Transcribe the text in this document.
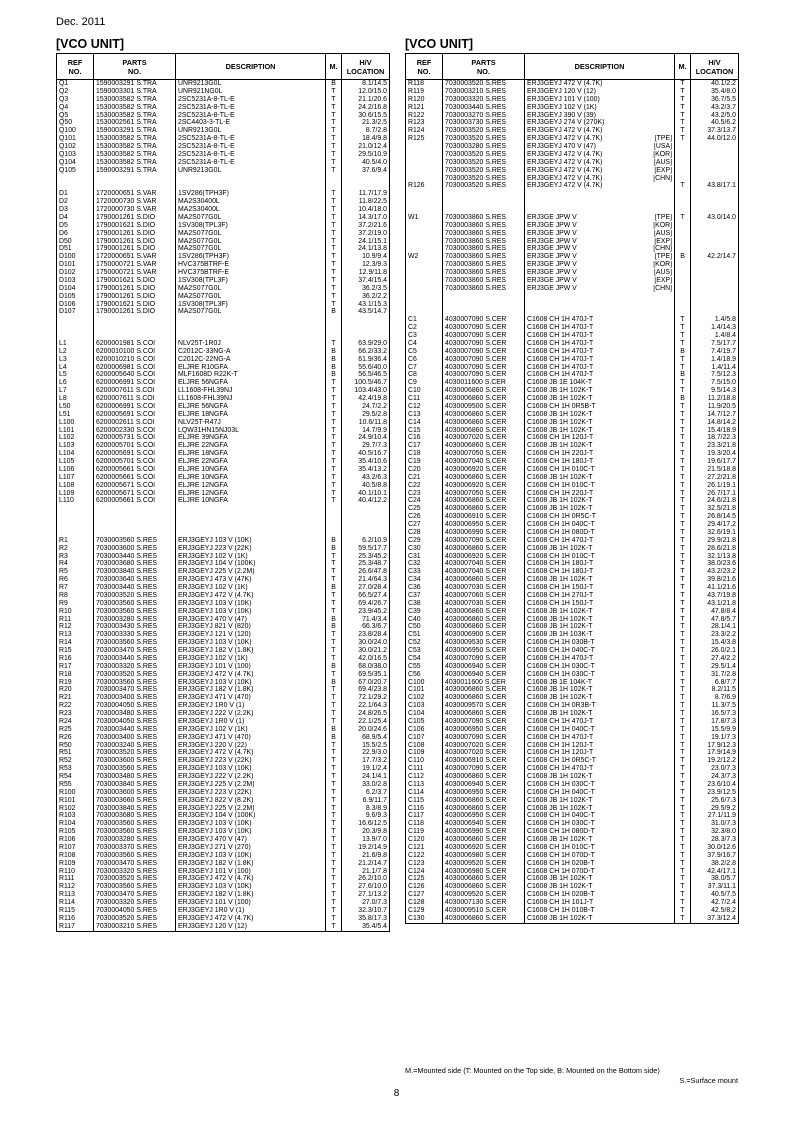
Dec. 2011
[VCO UNIT]	[VCO UNIT]
REF
NO.	PARTS
NO.	DESCRIPTION	M.	H/V
LOCATION
Q1	1590003291 S.TRA	UNR9213G0L	B	8.1/14.5
Q2	1590003301 S.TRA	UNR921NG0L	T	12.0/15.0
Q3	1530003582 S.TRA	2SC5231A-8-TL-E	T	21.1/20.6
Q4	1530003582 S.TRA	2SC5231A-8-TL-E	T	24.2/16.8
Q5	1530003582 S.TRA	2SC5231A-8-TL-E	T	30.6/15.5
Q50	1530002561 S.TRA	2SC4403-3-TL-E	T	21.3/2.5
Q100	1590003291 S.TRA	UNR9213G0L	T	8.7/2.8
Q101	1530003582 S.TRA	2SC5231A-8-TL-E	T	18.4/9.8
Q102	1530003582 S.TRA	2SC5231A-8-TL-E	T	21.0/12.4
Q103	1530003582 S.TRA	2SC5231A-8-TL-E	T	29.5/10.9
Q104	1530003582 S.TRA	2SC5231A-8-TL-E	T	40.5/4.0
Q105	1590003291 S.TRA	UNR9213G0L	T	37.6/9.4

D1	1720000651 S.VAR	1SV286(TPH3F)	T	11.7/17.9
D2	1720000730 S.VAR	MA2S30400L	T	11.8/22.5
D3	1720000730 S.VAR	MA2S30400L	T	10.4/18.0
D4	1790001261 S.DIO	MA2S077G0L	T	14.3/17.0
D5	1790001621 S.DIO	1SV308(TPL3F)	T	37.2/21.6
D6	1790001261 S.DIO	MA2S077G0L	T	37.2/19.0
D50	1790001261 S.DIO	MA2S077G0L	T	24.1/15.1
D51	1790001261 S.DIO	MA2S077G0L	T	24.1/13.8
D100	1720000651 S.VAR	1SV286(TPH3F)	T	10.9/9.4
D101	1750000721 S.VAR	HVC375BTRF-E	T	12.3/9.3
D102	1750000721 S.VAR	HVC375BTRF-E	T	12.9/11.8
D103	1790001621 S.DIO	1SV308(TPL3F)	T	37.4/15.4
D104	1790001261 S.DIO	MA2S077G0L	T	36.2/3.5
D105	1790001261 S.DIO	MA2S077G0L	T	36.2/2.2
D106	1790001621 S.DIO	1SV308(TPL3F)	T	43.1/15.3
D107	1790001261 S.DIO	MA2S077G0L	B	43.5/14.7

L1	6200001981 S.COI	NLV25T-1R0J	T	63.9/29.0
L2	6200010100 S.COI	C2012C-33NG-A	B	66.2/33.2
L3	6200010210 S.COI	C2012C-22NG-A	B	61.9/36.4
L4	6200006981 S.COI	ELJRE R10GFA	B	55.6/40.0
L5	6200005640 S.COI	MLF1608D R22K-T	B	56.5/46.5
L6	6200006991 S.COI	ELJRE 56NGFA	T	100.5/46.7
L7	6200007611 S.COI	LL1608-FHL39NJ	T	103.4/43.0
L8	6200007611 S.COI	LL1608-FHL39NJ	T	42.4/19.8
L50	6200006991 S.COI	ELJRE 56NGFA	T	24.7/2.2
L51	6200005691 S.COI	ELJRE 18NGFA	T	29.5/2.8
L100	6200002611 S.COI	NLV25T-R47J	T	10.6/11.8
L101	6200002330 S.COI	LQW31HN15NJ03L	T	14.7/9.9
L102	6200005731 S.COI	ELJRE 39NGFA	T	24.9/10.4
L103	6200005701 S.COI	ELJRE 22NGFA	T	29.7/7.3
L104	6200005691 S.COI	ELJRE 18NGFA	T	40.5/16.7
L105	6200005701 S.COI	ELJRE 22NGFA	T	35.4/10.6
L106	6200005661 S.COI	ELJRE 10NGFA	T	35.4/13.2
L107	6200005661 S.COI	ELJRE 10NGFA	T	43.2/6.3
L108	6200005671 S.COI	ELJRE 12NGFA	T	40.5/8.8
L109	6200005671 S.COI	ELJRE 12NGFA	T	40.1/10.1
L110	6200005661 S.COI	ELJRE 10NGFA	T	40.4/12.2

R1	7030003560 S.RES	ERJ3GEYJ 103 V (10K)	B	6.2/10.9
R2	7030003600 S.RES	ERJ3GEYJ 223 V (22K)	B	59.5/17.7
R3	7030003440 S.RES	ERJ3GEYJ 102 V (1K)	T	25.3/45.2
R4	7030003680 S.RES	ERJ3GEYJ 104 V (100K)	T	25.3/48.7
R5	7030003840 S.RES	ERJ3GEYJ 225 V (2.2M)	T	26.6/47.8
R6	7030003640 S.RES	ERJ3GEYJ 473 V (47K)	T	21.4/64.3
R7	7030003440 S.RES	ERJ3GEYJ 102 V (1K)	B	27.0/28.4
R8	7030003520 S.RES	ERJ3GEYJ 472 V (4.7K)	T	66.5/27.4
R9	7030003560 S.RES	ERJ3GEYJ 103 V (10K)	T	69.4/26.7
R10	7030003560 S.RES	ERJ3GEYJ 103 V (10K)	T	23.9/45.2
R11	7030003280 S.RES	ERJ3GEYJ 470 V (47)	B	71.4/3.4
R12	7030003430 S.RES	ERJ3GEYJ 821 V (820)	B	66.3/6.7
R13	7030003330 S.RES	ERJ3GEYJ 121 V (120)	T	23.8/28.4
R14	7030003560 S.RES	ERJ3GEYJ 103 V (10K)	T	30.0/24.0
R15	7030003470 S.RES	ERJ3GEYJ 182 V (1.8K)	T	30.0/21.2
R16	7030003440 S.RES	ERJ3GEYJ 102 V (1K)	T	42.0/16.5
R17	7030003320 S.RES	ERJ3GEYJ 101 V (100)	B	68.0/38.0
R18	7030003520 S.RES	ERJ3GEYJ 472 V (4.7K)	T	69.5/35.1
R19	7030003560 S.RES	ERJ3GEYJ 103 V (10K)	B	67.0/20.7
R20	7030003470 S.RES	ERJ3GEYJ 182 V (1.8K)	T	69.4/23.8
R21	7030003400 S.RES	ERJ3GEYJ 471 V (470)	T	72.1/29.2
R22	7030004050 S.RES	ERJ3GEYJ 1R0 V (1)	T	22.1/64.3
R23	7030003480 S.RES	ERJ3GEYJ 222 V (2.2K)	T	24.8/26.5
R24	7030004050 S.RES	ERJ3GEYJ 1R0 V (1)	T	22.1/25.4
R25	7030003440 S.RES	ERJ3GEYJ 102 V (1K)	B	20.0/24.6
R26	7030003400 S.RES	ERJ3GEYJ 471 V (470)	B	68.9/5.4
R50	7030003240 S.RES	ERJ3GEYJ 220 V (22)	T	15.5/2.5
R51	7030003520 S.RES	ERJ3GEYJ 472 V (4.7K)	T	22.9/3.0
R52	7030003600 S.RES	ERJ3GEYJ 223 V (22K)	T	17.7/3.2
R53	7030003560 S.RES	ERJ3GEYJ 103 V (10K)	T	19.1/2.4
R54	7030003480 S.RES	ERJ3GEYJ 222 V (2.2K)	T	24.1/4.1
R55	7030003840 S.RES	ERJ3GEYJ 225 V (2.2M)	T	33.0/2.8
R100	7030003600 S.RES	ERJ3GEYJ 223 V (22K)	T	6.2/3.7
R101	7030003660 S.RES	ERJ3GEYJ 822 V (8.2K)	T	6.9/11.7
R102	7030003840 S.RES	ERJ3GEYJ 225 V (2.2M)	T	8.3/8.9
R103	7030003680 S.RES	ERJ3GEYJ 104 V (100K)	T	9.6/9.3
R104	7030003560 S.RES	ERJ3GEYJ 103 V (10K)	T	16.6/12.5
R105	7030003560 S.RES	ERJ3GEYJ 103 V (10K)	T	20.3/9.8
R106	7030003280 S.RES	ERJ3GEYJ 470 V (47)	T	13.9/7.0
R107	7030003370 S.RES	ERJ3GEYJ 271 V (270)	T	19.2/14.9
R108	7030003560 S.RES	ERJ3GEYJ 103 V (10K)	T	21.6/9.8
R109	7030003470 S.RES	ERJ3GEYJ 182 V (1.8K)	T	21.2/14.7
R110	7030003320 S.RES	ERJ3GEYJ 101 V (100)	T	21.1/7.8
R111	7030003520 S.RES	ERJ3GEYJ 472 V (4.7K)	T	26.2/10.0
R112	7030003560 S.RES	ERJ3GEYJ 103 V (10K)	T	27.6/10.0
R113	7030003470 S.RES	ERJ3GEYJ 182 V (1.8K)	T	27.1/13.2
R114	7030003320 S.RES	ERJ3GEYJ 101 V (100)	T	27.0/7.3
R115	7030004050 S.RES	ERJ3GEYJ 1R0 V (1)	T	32.3/10.7
R116	7030003520 S.RES	ERJ3GEYJ 472 V (4.7K)	T	35.8/17.3
R117	7030003210 S.RES	ERJ3GEYJ 120 V (12)	T	35.4/5.4
REF
NO.	PARTS
NO.	DESCRIPTION	M.	H/V
LOCATION
R118	7030003520 S.RES	ERJ3GEYJ 472 V (4.7K)	T	40.1/2.2
R119	7030003210 S.RES	ERJ3GEYJ 120 V (12)	T	35.4/8.0
R120	7030003320 S.RES	ERJ3GEYJ 101 V (100)	T	36.7/5.5
R121	7030003440 S.RES	ERJ3GEYJ 102 V (1K)	T	43.2/3.7
R122	7030003270 S.RES	ERJ3GEYJ 390 V (39)	T	43.2/5.0
R123	7030003730 S.RES	ERJ3GEYJ 274 V (270K)	T	40.5/6.2
R124	7030003520 S.RES	ERJ3GEYJ 472 V (4.7K)	T	37.3/13.7
R125	7030003520 S.RES	ERJ3GEYJ 472 V (4.7K) [TPE]	T	44.0/12.0
	7030003280 S.RES	ERJ3GEYJ 470 V (47) [USA]		

	7030003520 S.RES	ERJ3GEYJ 472 V (4.7K) [KOR]		

	7030003520 S.RES	ERJ3GEYJ 472 V (4.7K) [AUS]		

	7030003520 S.RES	ERJ3GEYJ 472 V (4.7K) [EXP]		

	7030003520 S.RES	ERJ3GEYJ 472 V (4.7K) [CHN]		

R126	7030003520 S.RES	ERJ3GEYJ 472 V (4.7K)	T	43.8/17.1

W1	7030003860 S.RES	ERJ3GE JPW V [TPE]	T	43.0/14.0
	7030003860 S.RES	ERJ3GE JPW V [KOR]		

	7030003860 S.RES	ERJ3GE JPW V [AUS]		

	7030003860 S.RES	ERJ3GE JPW V [EXP]		

	7030003860 S.RES	ERJ3GE JPW V [CHN]		

W2	7030003860 S.RES	ERJ3GE JPW V [TPE]	B	42.2/14.7
	7030003860 S.RES	ERJ3GE JPW V [KOR]		

	7030003860 S.RES	ERJ3GE JPW V [AUS]		

	7030003860 S.RES	ERJ3GE JPW V [EXP]		

	7030003860 S.RES	ERJ3GE JPW V [CHN]		

C1	4030007090 S.CER	C1608 CH 1H 470J-T	T	1.4/5.8
C2	4030007090 S.CER	C1608 CH 1H 470J-T	T	1.4/14.3
C3	4030007090 S.CER	C1608 CH 1H 470J-T	T	1.4/8.4
C4	4030007090 S.CER	C1608 CH 1H 470J-T	T	7.5/17.7
C5	4030007090 S.CER	C1608 CH 1H 470J-T	B	7.4/19.7
C6	4030007090 S.CER	C1608 CH 1H 470J-T	T	1.4/18.9
C7	4030007090 S.CER	C1608 CH 1H 470J-T	T	1.4/11.4
C8	4030007090 S.CER	C1608 CH 1H 470J-T	B	7.5/12.3
C9	4030011600 S.CER	C1608 JB 1E 104K-T	T	7.5/15.0
C10	4030006860 S.CER	C1608 JB 1H 102K-T	T	9.5/14.3
C11	4030006860 S.CER	C1608 JB 1H 102K-T	B	11.2/18.8
C12	4030009500 S.CER	C1608 CH 1H 0R5B-T	T	11.9/20.5
C13	4030006860 S.CER	C1608 JB 1H 102K-T	T	14.7/12.7
C14	4030006860 S.CER	C1608 JB 1H 102K-T	T	14.8/14.2
C15	4030006860 S.CER	C1608 JB 1H 102K-T	T	15.4/18.9
C16	4030007020 S.CER	C1608 CH 1H 120J-T	T	18.7/22.3
C17	4030006860 S.CER	C1608 JB 1H 102K-T	T	23.3/21.8
C18	4030007050 S.CER	C1608 CH 1H 220J-T	T	19.3/20.4
C19	4030007040 S.CER	C1608 CH 1H 180J-T	T	19.6/17.7
C20	4030006920 S.CER	C1608 CH 1H 010C-T	T	21.5/18.8
C21	4030006860 S.CER	C1608 JB 1H 102K-T	T	27.2/21.8
C22	4030006920 S.CER	C1608 CH 1H 010C-T	T	26.1/19.1
C23	4030007050 S.CER	C1608 CH 1H 220J-T	T	26.7/17.1
C24	4030006860 S.CER	C1608 JB 1H 102K-T	T	24.6/21.8
C25	4030006860 S.CER	C1608 JB 1H 102K-T	T	32.5/21.8
C26	4030006910 S.CER	C1608 CH 1H 0R5C-T	T	26.8/14.5
C27	4030006950 S.CER	C1608 CH 1H 040C-T	T	29.4/17.2
C28	4030006990 S.CER	C1608 CH 1H 080D-T	T	32.6/19.1
C29	4030007090 S.CER	C1608 CH 1H 470J-T	T	29.9/21.8
C30	4030006860 S.CER	C1608 JB 1H 102K-T	T	28.6/21.8
C31	4030006920 S.CER	C1608 CH 1H 010C-T	T	32.1/13.8
C32	4030007040 S.CER	C1608 CH 1H 180J-T	T	38.0/23.6
C33	4030007040 S.CER	C1608 CH 1H 180J-T	T	43.2/23.2
C34	4030006860 S.CER	C1608 JB 1H 102K-T	T	39.8/21.6
C36	4030007030 S.CER	C1608 CH 1H 150J-T	T	41.1/21.6
C37	4030007060 S.CER	C1608 CH 1H 270J-T	T	43.7/19.8
C38	4030007030 S.CER	C1608 CH 1H 150J-T	T	43.1/21.8
C39	4030006860 S.CER	C1608 JB 1H 102K-T	T	47.8/8.4
C40	4030006860 S.CER	C1608 JB 1H 102K-T	T	47.8/5.7
C50	4030006860 S.CER	C1608 JB 1H 102K-T	T	28.1/4.1
C51	4030006900 S.CER	C1608 JB 1H 103K-T	T	23.3/2.2
C52	4030009530 S.CER	C1608 CH 1H 030B-T	T	15.4/3.8
C53	4030006950 S.CER	C1608 CH 1H 040C-T	T	26.0/2.1
C54	4030007090 S.CER	C1608 CH 1H 470J-T	T	27.4/2.2
C55	4030006940 S.CER	C1608 CH 1H 030C-T	T	29.5/1.4
C56	4030006940 S.CER	C1608 CH 1H 030C-T	T	31.7/2.8
C100	4030011600 S.CER	C1608 JB 1E 104K-T	T	6.8/7.7
C101	4030006860 S.CER	C1608 JB 1H 102K-T	T	8.2/11.5
C102	4030006860 S.CER	C1608 JB 1H 102K-T	T	8.7/6.9
C103	4030009570 S.CER	C1608 CH 1H 0R3B-T	T	11.3/7.5
C104	4030006860 S.CER	C1608 JB 1H 102K-T	T	16.5/7.3
C105	4030007090 S.CER	C1608 CH 1H 470J-T	T	17.8/7.3
C106	4030006950 S.CER	C1608 CH 1H 040C-T	T	15.5/9.9
C107	4030007090 S.CER	C1608 CH 1H 470J-T	T	19.1/7.3
C108	4030007020 S.CER	C1608 CH 1H 120J-T	T	17.9/12.3
C109	4030007020 S.CER	C1608 CH 1H 120J-T	T	17.9/14.9
C110	4030006910 S.CER	C1608 CH 1H 0R5C-T	T	19.2/12.2
C111	4030007090 S.CER	C1608 CH 1H 470J-T	T	23.0/7.3
C112	4030006860 S.CER	C1608 JB 1H 102K-T	T	24.3/7.3
C113	4030006940 S.CER	C1608 CH 1H 030C-T	T	23.6/10.4
C114	4030006950 S.CER	C1608 CH 1H 040C-T	T	23.9/12.5
C115	4030006860 S.CER	C1608 JB 1H 102K-T	T	25.6/7.3
C116	4030006860 S.CER	C1608 JB 1H 102K-T	T	29.5/9.2
C117	4030006950 S.CER	C1608 CH 1H 040C-T	T	27.1/11.9
C118	4030006940 S.CER	C1608 CH 1H 030C-T	T	31.0/7.3
C119	4030006990 S.CER	C1608 CH 1H 080D-T	T	32.3/8.0
C120	4030006860 S.CER	C1608 JB 1H 102K-T	T	28.3/7.3
C121	4030006920 S.CER	C1608 CH 1H 010C-T	T	30.0/12.6
C122	4030006980 S.CER	C1608 CH 1H 070D-T	T	37.9/16.7
C123	4030009520 S.CER	C1608 CH 1H 020B-T	T	38.2/2.8
C124	4030006980 S.CER	C1608 CH 1H 070D-T	T	42.4/17.1
C125	4030006860 S.CER	C1608 JB 1H 102K-T	T	38.0/5.7
C126	4030006860 S.CER	C1608 JB 1H 102K-T	T	37.3/11.1
C127	4030009520 S.CER	C1608 CH 1H 020B-T	T	40.5/7.5
C128	4030007130 S.CER	C1608 CH 1H 101J-T	T	42.7/2.4
C129	4030009510 S.CER	C1608 CH 1H 010B-T	T	42.5/8.2
C130	4030006860 S.CER	C1608 JB 1H 102K-T	T	37.3/12.4
M.=Mounted side (T: Mounted on the Top side, B: Mounted on the Bottom side)
S.=Surface mount
8
